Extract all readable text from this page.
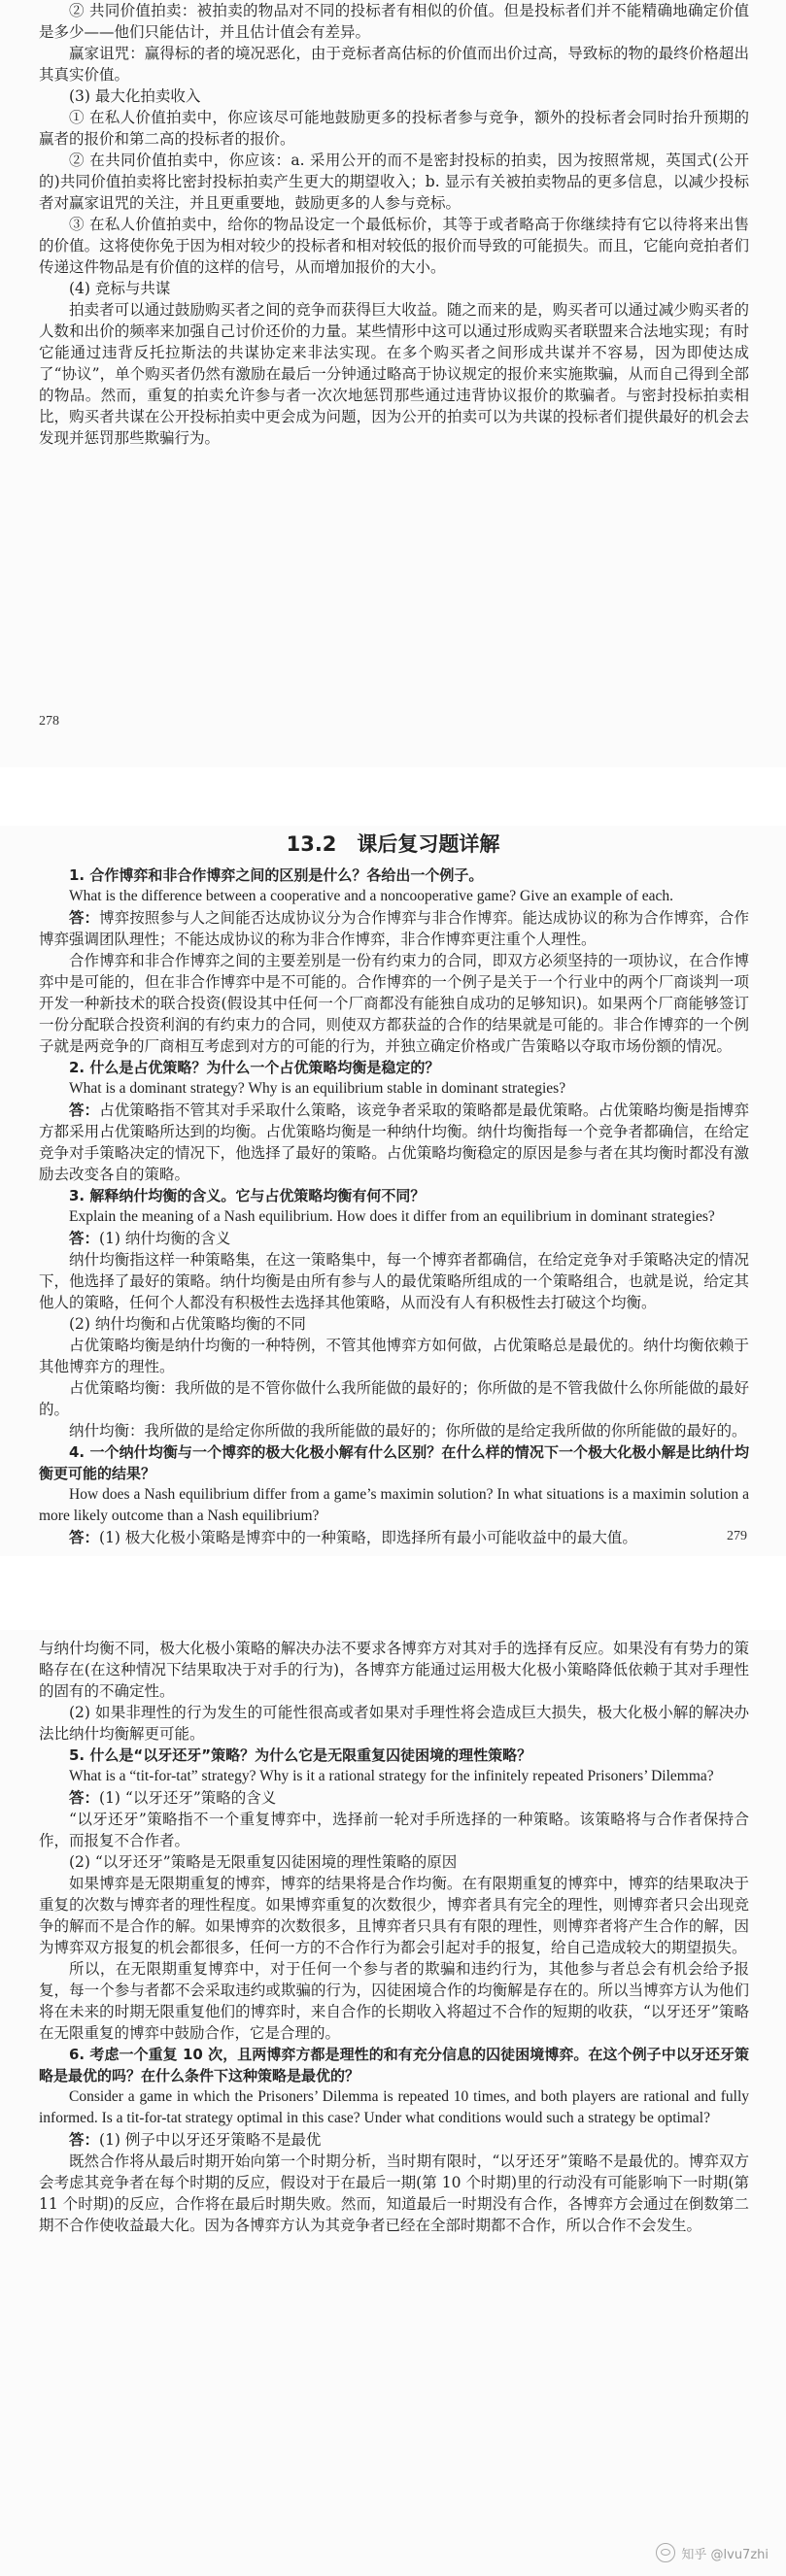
② 共同价值拍卖：被拍卖的物品对不同的投标者有相似的价值。但是投标者们并不能精确地确定价值是多少——他们只能估计，并且估计值会有差异。

赢家诅咒：赢得标的者的境况恶化，由于竞标者高估标的价值而出价过高，导致标的物的最终价格超出其真实价值。

(3) 最大化拍卖收入

① 在私人价值拍卖中，你应该尽可能地鼓励更多的投标者参与竞争，额外的投标者会同时抬升预期的赢者的报价和第二高的投标者的报价。

② 在共同价值拍卖中，你应该：a. 采用公开的而不是密封投标的拍卖，因为按照常规，英国式(公开的)共同价值拍卖将比密封投标拍卖产生更大的期望收入；b. 显示有关被拍卖物品的更多信息，以减少投标者对赢家诅咒的关注，并且更重要地，鼓励更多的人参与竞标。

③ 在私人价值拍卖中，给你的物品设定一个最低标价，其等于或者略高于你继续持有它以待将来出售的价值。这将使你免于因为相对较少的投标者和相对较低的报价而导致的可能损失。而且，它能向竞拍者们传递这件物品是有价值的这样的信号，从而增加报价的大小。

(4) 竞标与共谋

拍卖者可以通过鼓励购买者之间的竞争而获得巨大收益。随之而来的是，购买者可以通过减少购买者的人数和出价的频率来加强自己讨价还价的力量。某些情形中这可以通过形成购买者联盟来合法地实现；有时它能通过违背反托拉斯法的共谋协定来非法实现。在多个购买者之间形成共谋并不容易，因为即使达成了“协议”，单个购买者仍然有激励在最后一分钟通过略高于协议规定的报价来实施欺骗，从而自己得到全部的物品。然而，重复的拍卖允许参与者一次次地惩罚那些通过违背协议报价的欺骗者。与密封投标拍卖相比，购买者共谋在公开投标拍卖中更会成为问题，因为公开的拍卖可以为共谋的投标者们提供最好的机会去发现并惩罚那些欺骗行为。

278

13.2　课后复习题详解

1. 合作博弈和非合作博弈之间的区别是什么？各给出一个例子。

What is the difference between a cooperative and a noncooperative game? Give an example of each.

答：博弈按照参与人之间能否达成协议分为合作博弈与非合作博弈。能达成协议的称为合作博弈，合作博弈强调团队理性；不能达成协议的称为非合作博弈，非合作博弈更注重个人理性。

合作博弈和非合作博弈之间的主要差别是一份有约束力的合同，即双方必须坚持的一项协议，在合作博弈中是可能的，但在非合作博弈中是不可能的。合作博弈的一个例子是关于一个行业中的两个厂商谈判一项开发一种新技术的联合投资(假设其中任何一个厂商都没有能独自成功的足够知识)。如果两个厂商能够签订一份分配联合投资利润的有约束力的合同，则使双方都获益的合作的结果就是可能的。非合作博弈的一个例子就是两竞争的厂商相互考虑到对方的可能的行为，并独立确定价格或广告策略以夺取市场份额的情况。

2. 什么是占优策略？为什么一个占优策略均衡是稳定的？

What is a dominant strategy? Why is an equilibrium stable in dominant strategies?

答：占优策略指不管其对手采取什么策略，该竞争者采取的策略都是最优策略。占优策略均衡是指博弈方都采用占优策略所达到的均衡。占优策略均衡是一种纳什均衡。纳什均衡指每一个竞争者都确信，在给定竞争对手策略决定的情况下，他选择了最好的策略。占优策略均衡稳定的原因是参与者在其均衡时都没有激励去改变各自的策略。

3. 解释纳什均衡的含义。它与占优策略均衡有何不同？

Explain the meaning of a Nash equilibrium. How does it differ from an equilibrium in dominant strategies?

答：(1) 纳什均衡的含义

纳什均衡指这样一种策略集，在这一策略集中，每一个博弈者都确信，在给定竞争对手策略决定的情况下，他选择了最好的策略。纳什均衡是由所有参与人的最优策略所组成的一个策略组合，也就是说，给定其他人的策略，任何个人都没有积极性去选择其他策略，从而没有人有积极性去打破这个均衡。

(2) 纳什均衡和占优策略均衡的不同

占优策略均衡是纳什均衡的一种特例，不管其他博弈方如何做，占优策略总是最优的。纳什均衡依赖于其他博弈方的理性。

占优策略均衡：我所做的是不管你做什么我所能做的最好的；你所做的是不管我做什么你所能做的最好的。

纳什均衡：我所做的是给定你所做的我所能做的最好的；你所做的是给定我所做的你所能做的最好的。

4. 一个纳什均衡与一个博弈的极大化极小解有什么区别？在什么样的情况下一个极大化极小解是比纳什均衡更可能的结果？

How does a Nash equilibrium differ from a game’s maximin solution? In what situations is a maximin solution a more likely outcome than a Nash equilibrium?

答：(1) 极大化极小策略是博弈中的一种策略，即选择所有最小可能收益中的最大值。	279

与纳什均衡不同，极大化极小策略的解决办法不要求各博弈方对其对手的选择有反应。如果没有有势力的策略存在(在这种情况下结果取决于对手的行为)，各博弈方能通过运用极大化极小策略降低依赖于其对手理性的固有的不确定性。

(2) 如果非理性的行为发生的可能性很高或者如果对手理性将会造成巨大损失，极大化极小解的解决办法比纳什均衡解更可能。

5. 什么是“以牙还牙”策略？为什么它是无限重复囚徒困境的理性策略？

What is a “tit-for-tat” strategy? Why is it a rational strategy for the infinitely repeated Prisoners’ Dilemma?

答：(1) “以牙还牙”策略的含义

“以牙还牙”策略指不一个重复博弈中，选择前一轮对手所选择的一种策略。该策略将与合作者保持合作，而报复不合作者。

(2) “以牙还牙”策略是无限重复囚徒困境的理性策略的原因

如果博弈是无限期重复的博弈，博弈的结果将是合作均衡。在有限期重复的博弈中，博弈的结果取决于重复的次数与博弈者的理性程度。如果博弈重复的次数很少，博弈者具有完全的理性，则博弈者只会出现竞争的解而不是合作的解。如果博弈的次数很多，且博弈者只具有有限的理性，则博弈者将产生合作的解，因为博弈双方报复的机会都很多，任何一方的不合作行为都会引起对手的报复，给自己造成较大的期望损失。

所以，在无限期重复博弈中，对于任何一个参与者的欺骗和违约行为，其他参与者总会有机会给予报复，每一个参与者都不会采取违约或欺骗的行为，囚徒困境合作的均衡解是存在的。所以当博弈方认为他们将在未来的时期无限重复他们的博弈时，来自合作的长期收入将超过不合作的短期的收获，“以牙还牙”策略在无限重复的博弈中鼓励合作，它是合理的。

6. 考虑一个重复 10 次，且两博弈方都是理性的和有充分信息的囚徒困境博弈。在这个例子中以牙还牙策略是最优的吗？在什么条件下这种策略是最优的？

Consider a game in which the Prisoners’ Dilemma is repeated 10 times, and both players are rational and fully informed. Is a tit-for-tat strategy optimal in this case? Under what conditions would such a strategy be optimal?

答：(1) 例子中以牙还牙策略不是最优

既然合作将从最后时期开始向第一个时期分析，当时期有限时，“以牙还牙”策略不是最优的。博弈双方会考虑其竞争者在每个时期的反应，假设对于在最后一期(第 10 个时期)里的行动没有可能影响下一时期(第 11 个时期)的反应，合作将在最后时期失败。然而，知道最后一时期没有合作，各博弈方会通过在倒数第二期不合作使收益最大化。因为各博弈方认为其竞争者已经在全部时期都不合作，所以合作不会发生。

知乎 @lvu7zhi
